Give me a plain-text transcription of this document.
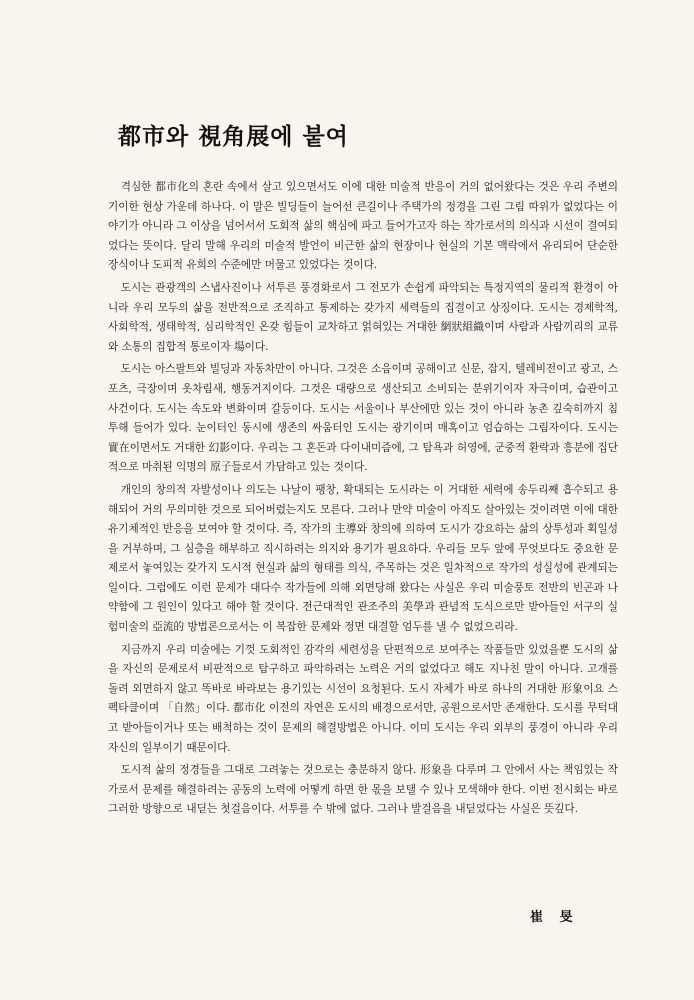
都市와 視角展에 붙여

격심한 都市化의 혼란 속에서 살고 있으면서도 이에 대한 미술적 반응이 거의 없어왔다는 것은 우리 주변의 기이한 현상 가운데 하나다. 이 말은 빌딩들이 늘어선 큰길이나 주택가의 정경을 그린 그림 따위가 없었다는 이야기가 아니라 그 이상을 넘어서서 도회적 삶의 핵심에 파고 들어가고자 하는 작가로서의 의식과 시선이 결여되었다는 뜻이다. 달리 말해 우리의 미술적 발언이 비근한 삶의 현장이나 현실의 기본 맥락에서 유리되어 단순한 장식이나 도피적 유희의 수준에만 머물고 있었다는 것이다.

도시는 관광객의 스냅사진이나 서투른 풍경화로서 그 전모가 손쉽게 파악되는 특정지역의 물리적 환경이 아니라 우리 모두의 삶을 전반적으로 조직하고 통제하는 갖가지 세력들의 집결이고 상징이다. 도시는 경제학적, 사회학적, 생태학적, 심리학적인 온갖 힘들이 교차하고 얽혀있는 거대한 網狀組織이며 사람과 사람끼리의 교류와 소통의 집합적 통로이자 場이다.

도시는 아스팔트와 빌딩과 자동차만이 아니다. 그것은 소음이며 공해이고 신문, 잡지, 텔레비전이고 광고, 스포츠, 극장이며 옷차림새, 행동거지이다. 그것은 대량으로 생산되고 소비되는 분위기이자 자극이며, 습관이고 사건이다. 도시는 속도와 변화이며 갈등이다. 도시는 서울이나 부산에만 있는 것이 아니라 농촌 깊숙히까지 침투해 들어가 있다. 눈이터인 동시에 생존의 싸움터인 도시는 광기이며 매혹이고 엄습하는 그림자이다. 도시는 實在이면서도 거대한 幻影이다. 우리는 그 혼돈과 다이내미즘에, 그 탐욕과 허영에, 군중적 환락과 흥분에 집단적으로 마취된 익명의 原子들로서 가담하고 있는 것이다.

개인의 창의적 자발성이나 의도는 나날이 팽창, 확대되는 도시라는 이 거대한 세력에 송두리째 흡수되고 용해되어 거의 무의미한 것으로 되어버렸는지도 모른다. 그러나 만약 미술이 아직도 살아있는 것이려면 이에 대한 유기체적인 반응을 보여야 할 것이다. 즉, 작가의 主導와 창의에 의하여 도시가 강요하는 삶의 상투성과 획일성을 거부하며, 그 심층을 해부하고 직시하려는 의지와 용기가 필요하다. 우리들 모두 앞에 무엇보다도 중요한 문제로서 놓여있는 갖가지 도시적 현실과 삶의 형태를 의식, 주목하는 것은 일차적으로 작가의 성실성에 관계되는 일이다. 그럼에도 이런 문제가 대다수 작가들에 의해 외면당해 왔다는 사실은 우리 미술풍토 전반의 빈곤과 나약함에 그 원인이 있다고 해야 할 것이다. 전근대적인 관조주의 美學과 관념적 도식으로만 받아들인 서구의 실험미술의 亞流的 방법론으로서는 이 복잡한 문제와 정면 대결할 엄두를 낼 수 없었으리라.

지금까지 우리 미술에는 기껏 도회적인 감각의 세련성을 단편적으로 보여주는 작품들만 있었을뿐 도시의 삶을 자신의 문제로서 비판적으로 탐구하고 파악하려는 노력은 거의 없었다고 해도 지나친 말이 아니다. 고개를 돌려 외면하지 않고 똑바로 바라보는 용기있는 시선이 요청된다. 도시 자체가 바로 하나의 거대한 形象이요 스펙타클이며 「自然」이다. 都市化 이전의 자연은 도시의 배경으로서만, 공원으로서만 존재한다. 도시를 무턱대고 받아들이거나 또는 배척하는 것이 문제의 해결방법은 아니다. 이미 도시는 우리 외부의 풍경이 아니라 우리 자신의 일부이기 때문이다.

도시적 삶의 정경들을 그대로 그려놓는 것으로는 충분하지 않다. 形象을 다루며 그 안에서 사는 책임있는 작가로서 문제를 해결하려는 공동의 노력에 어떻게 하면 한 몫을 보탤 수 있나 모색해야 한다. 이번 전시회는 바로 그러한 방향으로 내딛는 첫걸음이다. 서투를 수 밖에 없다. 그러나 발걸음을 내딛었다는 사실은 뜻깊다.

崔 旻
